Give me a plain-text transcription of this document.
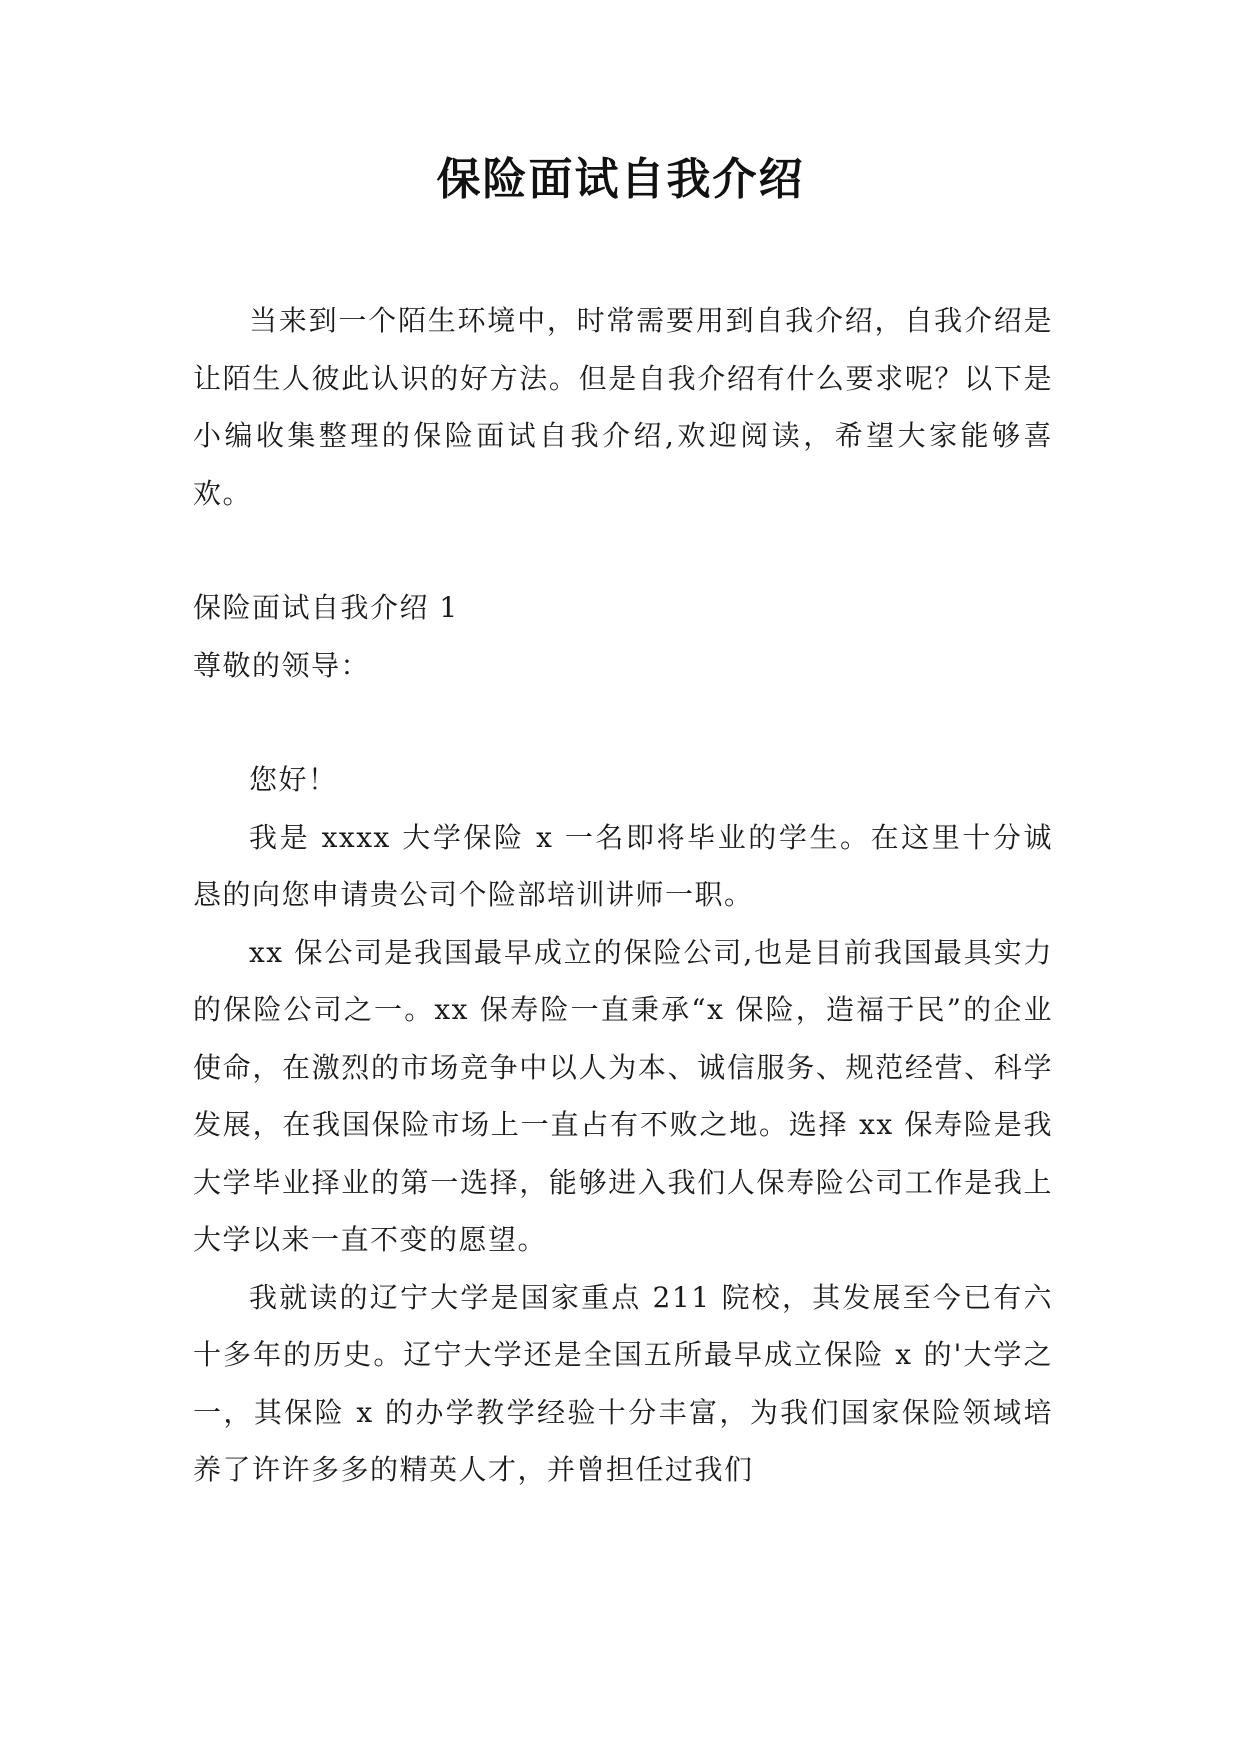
保险面试自我介绍

当来到一个陌生环境中，时常需要用到自我介绍，自我介绍是让陌生人彼此认识的好方法。但是自我介绍有什么要求呢？以下是小编收集整理的保险面试自我介绍,欢迎阅读，希望大家能够喜欢。

保险面试自我介绍 1

尊敬的领导：

您好！

我是 xxxx 大学保险 x 一名即将毕业的学生。在这里十分诚恳的向您申请贵公司个险部培训讲师一职。

xx 保公司是我国最早成立的保险公司,也是目前我国最具实力的保险公司之一。xx 保寿险一直秉承“x 保险，造福于民”的企业使命，在激烈的市场竞争中以人为本、诚信服务、规范经营、科学发展，在我国保险市场上一直占有不败之地。选择 xx 保寿险是我大学毕业择业的第一选择，能够进入我们人保寿险公司工作是我上大学以来一直不变的愿望。

我就读的辽宁大学是国家重点 211 院校，其发展至今已有六十多年的历史。辽宁大学还是全国五所最早成立保险 x 的'大学之一，其保险 x 的办学教学经验十分丰富，为我们国家保险领域培养了许许多多的精英人才，并曾担任过我们
